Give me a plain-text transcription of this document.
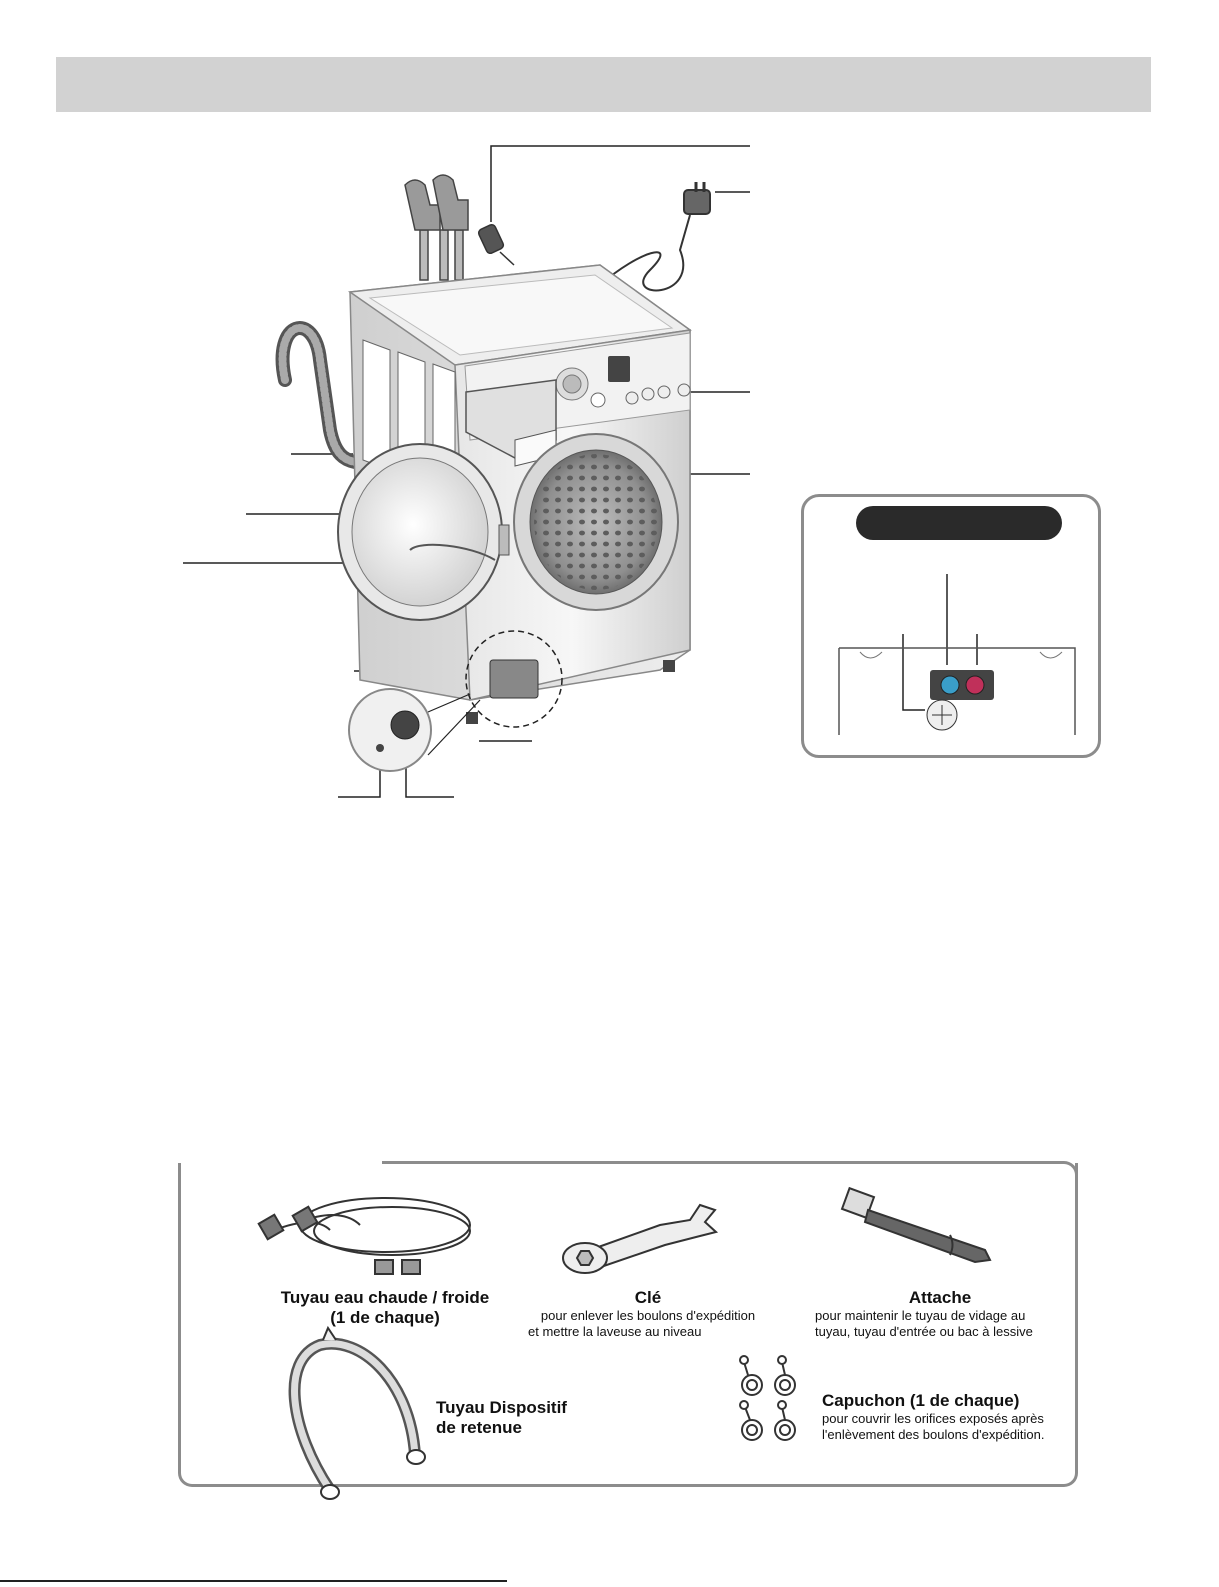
Tuyau eau chaude / froide
(1 de chaque)
Clé
pour enlever les boulons d'expédition
et mettre la laveuse au niveau
Attache
pour maintenir le tuyau de vidage au
tuyau, tuyau d'entrée ou bac à lessive
Tuyau Dispositif
de retenue
Capuchon (1 de chaque)
pour couvrir les orifices exposés après
l'enlèvement des boulons d'expédition.
